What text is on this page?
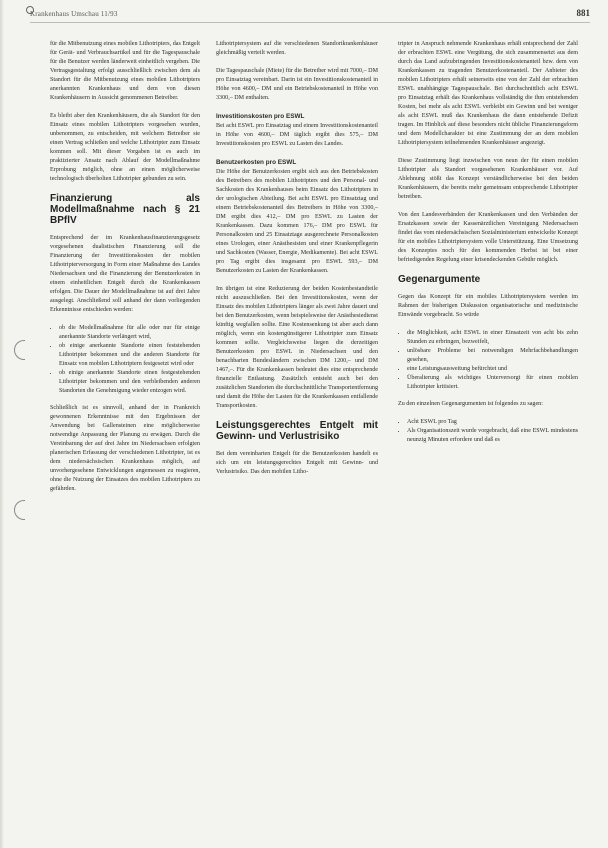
Krankenhaus Umschau 11/93	881

für die Mitbenutzung eines mobilen Lithotripters, das Entgelt für Gerät- und Verbrauchsartikel und für die Tagespauschale für die Benutzer werden länderweit einheitlich vergeben. Die Vertragsgestaltung erfolgt ausschließlich zwischen dem als Standort für die Mitbenutzung eines mobilen Lithotripters anerkannten Krankenhaus und dem von diesen Krankenhäusern in Aussicht genommenen Betreiber.

Es bleibt aber den Krankenhäusern, die als Standort für den Einsatz eines mobilen Lithotripters vorgesehen wurden, unbenommen, zu entscheiden, mit welchem Betreiber sie einen Vertrag schließen und welche Lithotripter zum Einsatz kommen soll. Mit dieser Vorgaben ist es auch im praktizierter Ansatz nach Ablauf der Modellmaßnahme Erprobung möglich, ohne an einen möglicherweise technologisch überholten Lithotripter gebunden zu sein.

Finanzierung als Modellmaßnahme nach § 21 BPflV

Entsprechend der im Krankenhausfinanzierungsgesetz vorgesehenen dualistischen Finanzierung soll die Finanzierung der Investitionskosten der mobilen Lithotripterversorgung in Form einer Maßnahme des Landes Niedersachsen und die Finanzierung der Benutzerkosten in einem einheitlichen Entgelt durch die Krankenkassen erfolgen. Die Dauer der Modellmaßnahme ist auf drei Jahre ausgelegt. Anschließend soll anhand der dann vorliegenden Erkenntnisse entschieden werden:

• ob die Modellmaßnahme für alle oder nur für einige anerkannte Standorte verlängert wird,
• ob einige anerkannte Standorte einen feststehenden Lithotripter bekommen und die anderen Standorte für Einsatz von mobilen Lithotriptern festgesetzt wird oder
• ob einige anerkannte Standorte einen festgestehenden Lithotripter bekommen und den verbleibenden anderen Standorten die Genehmigung wieder entzogen wird.

Schließlich ist es sinnvoll, anhand der in Frankreich gewonnenen Erkenntnisse mit den Ergebnissen der Anwendung bei Gallensteinen eine möglicherweise notwendige Anpassung der Planung zu erwägen. Durch die Vereinbarung der auf drei Jahre im Niedersachsen erfolgten planerischen Erfassung der verschiedenen Lithotripter, ist es dem niedersächsischen Krankenhaus möglich, auf unvorhergesehene Entwicklungen angemessen zu reagieren, ohne die Nutzung der Einsatzes des mobilen Lithotripters zu gefährden.

Lithotriptersystem auf die verschiedenen Standortkrankenhäuser gleichmäßig verteilt werden.

Die Tagespauschale (Miete) für die Betreiber wird mit 7000,– DM pro Einsatztag vereinbart. Darin ist ein Investitionskostenanteil in Höhe von 4600,– DM und ein Betriebskostenanteil in Höhe von 3300,– DM enthalten.

Investitionskosten pro ESWL

Bei acht ESWL pro Einsatztag und einem Investitionskostenanteil in Höhe von 4600,– DM täglich ergibt dies 575,– DM Investitionskosten pro ESWL zu Lasten des Landes.

Benutzerkosten pro ESWL

Die Höhe der Benutzerkosten ergibt sich aus den Betriebskosten des Betreibers des mobilen Lithotripters und den Personal- und Sachkosten des Krankenhauses beim Einsatz des Lithotripters in der urologischen Abteilung. Bei acht ESWL pro Einsatztag und einem Betriebskostenanteil des Betreibers in Höhe von 3300,– DM ergibt dies 412,– DM pro ESWL zu Lasten der Krankenkassen. Dazu kommen 176,– DM pro ESWL für Personalkosten und 25 Einsatztage ausgerechnete Personalkosten eines Urologen, einer Anästhesisten und einer Krankenpflegerin und Sachkosten (Wasser, Energie, Medikamente). Bei acht ESWL pro Tag ergibt dies insgesamt pro ESWL 593,– DM Benutzerkosten zu Lasten der Krankenkassen.

Im übrigen ist eine Reduzierung der beiden Kostenbestandteile nicht auszuschließen. Bei den Investitionskosten, wenn der Einsatz des mobilen Lithotripters länger als zwei Jahre dauert und bei den Benutzerkosten, wenn beispielsweise der Anästhesiedienst künftig wegfallen sollte. Eine Kostensenkung ist aber auch dann möglich, wenn ein kostengünstigerer Lithotripter zum Einsatz kommen sollte. Vergleichsweise liegen die derzeitigen Benutzerkosten pro ESWL in Niedersachsen und den benachbarten Bundesländern zwischen DM 1200,– und DM 1467,–. Für die Krankenkassen bedeutet dies eine entsprechende finanzielle Entlastung. Zusätzlich entsteht auch bei den zusätzlichen Standorten die durchschnittliche Transportentfernung und damit die Höhe der Lasten für die Krankenkassen entfallende Transportkosten.

Leistungsgerechtes Entgelt mit Gewinn- und Verlustrisiko

Bei dem vereinbarten Entgelt für die Benutzerkosten handelt es sich um ein leistungsgerechtes Entgelt mit Gewinn- und Verlustrisiko. Das den mobilen Litho-

tripter in Anspruch nehmende Krankenhaus erhält entsprechend der Zahl der erbrachten ESWL eine Vergütung, die sich zusammensetzt aus dem durch das Land aufzubringenden Investitionskostenanteil bzw. dem von Krankenkassen zu tragenden Benutzerkostenanteil. Der Anbieter des mobilen Lithotripters erhält seinerseits eine von der Zahl der erbrachten ESWL unabhängige Tagespauschale. Bei durchschnittlich acht ESWL pro Einsatztag erhält das Krankenhaus vollständig die ihm entstehenden Kosten, bei mehr als acht ESWL verbleibt ein Gewinn und bei weniger als acht ESWL muß das Krankenhaus die dann entstehende Defizit tragen. Im Hinblick auf diese besonders nicht übliche Finanzierungsform und dem Modellcharakter ist eine Zustimmung der an dem mobilen Lithotriptersystem teilnehmenden Krankenhäuser angezeigt.

Diese Zustimmung liegt inzwischen von neun der für einen mobilen Lithotripter als Standort vorgesehenen Krankenhäuser vor. Auf Ablehnung stößt das Konzept verständlicherweise bei den beiden Krankenhäusern, die bereits mehr gemeinsam entsprechende Lithotripter betreiben.

Von den Landesverbänden der Krankenkassen und den Verbänden der Ersatzkassen sowie der Kassenärztlichen Vereinigung Niedersachsen findet das vom niedersächsischen Sozialministerium entwickelte Konzept für ein mobiles Lithotriptersystem volle Unterstützung. Eine Umsetzung des Konzeptes noch für den kommenden Herbst ist bei einer befriedigenden Regelung einer krisendeckenden Gebühr möglich.

Gegenargumente

Gegen das Konzept für ein mobiles Lithotriptersystem werden im Rahmen der bisherigen Diskussion organisatorische und medizinische Einwände vorgebracht. So würde

• die Möglichkeit, acht ESWL in einer Einsatzeit von acht bis zehn Stunden zu erbringen, bezweifelt,
• unlösbare Probleme bei notwendigen Mehrfachbehandlungen gesehen,
• eine Leistungsausweitung befürchtet und
• Überalterung als wichtiges Unterversorgt für einen mobilen Lithotripter kritisiert.

Zu den einzelnen Gegenargumenten ist folgendes zu sagen:

• Acht ESWL pro Tag
• Als Organisationszeit wurde vorgebracht, daß eine ESWL mindestens neunzig Minuten erfordere und daß es
